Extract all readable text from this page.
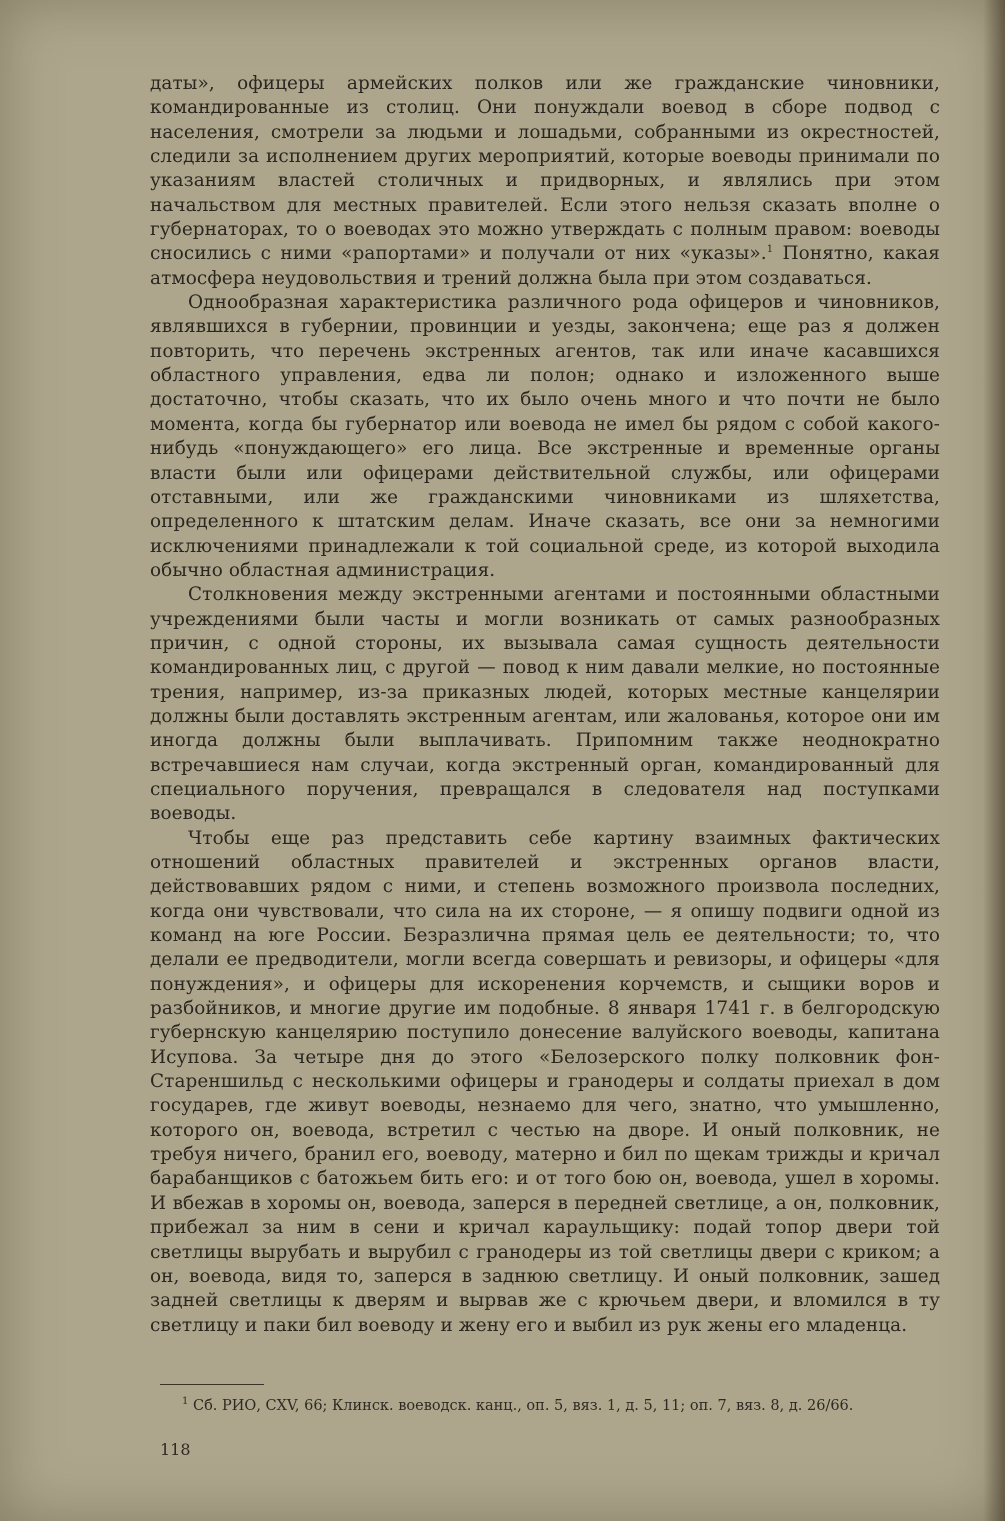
даты», офицеры армейских полков или же гражданские чиновники, командированные из столиц. Они понуждали воевод в сборе подвод с населения, смотрели за людьми и лошадьми, собранными из окрестностей, следили за исполнением других мероприятий, которые воеводы принимали по указаниям властей столичных и придворных, и являлись при этом начальством для местных правителей. Если этого нельзя сказать вполне о губернаторах, то о воеводах это можно утверждать с полным правом: воеводы сносились с ними «рапортами» и получали от них «указы».$^1$ Понятно, какая атмосфера неудовольствия и трений должна была при этом создаваться.

Однообразная характеристика различного рода офицеров и чиновников, являвшихся в губернии, провинции и уезды, закончена; еще раз я должен повторить, что перечень экстренных агентов, так или иначе касавшихся областного управления, едва ли полон; однако и изложенного выше достаточно, чтобы сказать, что их было очень много и что почти не было момента, когда бы губернатор или воевода не имел бы рядом с собой какого-нибудь «понуждающего» его лица. Все экстренные и временные органы власти были или офицерами действительной службы, или офицерами отставными, или же гражданскими чиновниками из шляхетства, определенного к штатским делам. Иначе сказать, все они за немногими исключениями принадлежали к той социальной среде, из которой выходила обычно областная администрация.

Столкновения между экстренными агентами и постоянными областными учреждениями были часты и могли возникать от самых разнообразных причин, с одной стороны, их вызывала самая сущность деятельности командированных лиц, с другой — повод к ним давали мелкие, но постоянные трения, например, из-за приказных людей, которых местные канцелярии должны были доставлять экстренным агентам, или жалованья, которое они им иногда должны были выплачивать. Припомним также неоднократно встречавшиеся нам случаи, когда экстренный орган, командированный для специального поручения, превращался в следователя над поступками воеводы.

Чтобы еще раз представить себе картину взаимных фактических отношений областных правителей и экстренных органов власти, действовавших рядом с ними, и степень возможного произвола последних, когда они чувствовали, что сила на их стороне, — я опишу подвиги одной из команд на юге России. Безразлична прямая цель ее деятельности; то, что делали ее предводители, могли всегда совершать и ревизоры, и офицеры «для понуждения», и офицеры для искоренения корчемств, и сыщики воров и разбойников, и многие другие им подобные. 8 января 1741 г. в белгородскую губернскую канцелярию поступило донесение валуйского воеводы, капитана Исупова. За четыре дня до этого «Белозерского полку полковник фон-Стареншильд с несколькими офицеры и гранодеры и солдаты приехал в дом государев, где живут воеводы, незнаемо для чего, знатно, что умышленно, которого он, воевода, встретил с честью на дворе. И оный полковник, не требуя ничего, бранил его, воеводу, матерно и бил по щекам трижды и кричал барабанщиков с батожьем бить его: и от того бою он, воевода, ушел в хоромы. И вбежав в хоромы он, воевода, заперся в передней светлице, а он, полковник, прибежал за ним в сени и кричал караульщику: подай топор двери той светлицы вырубать и вырубил с гранодеры из той светлицы двери с криком; а он, воевода, видя то, заперся в заднюю светлицу. И оный полковник, зашед задней светлицы к дверям и вырвав же с крючьем двери, и вломился в ту светлицу и паки бил воеводу и жену его и выбил из рук жены его младенца.

$^1$ Сб. РИО, CXV, 66; Клинск. воеводск. канц., оп. 5, вяз. 1, д. 5, 11; оп. 7, вяз. 8, д. 26/66.
118
